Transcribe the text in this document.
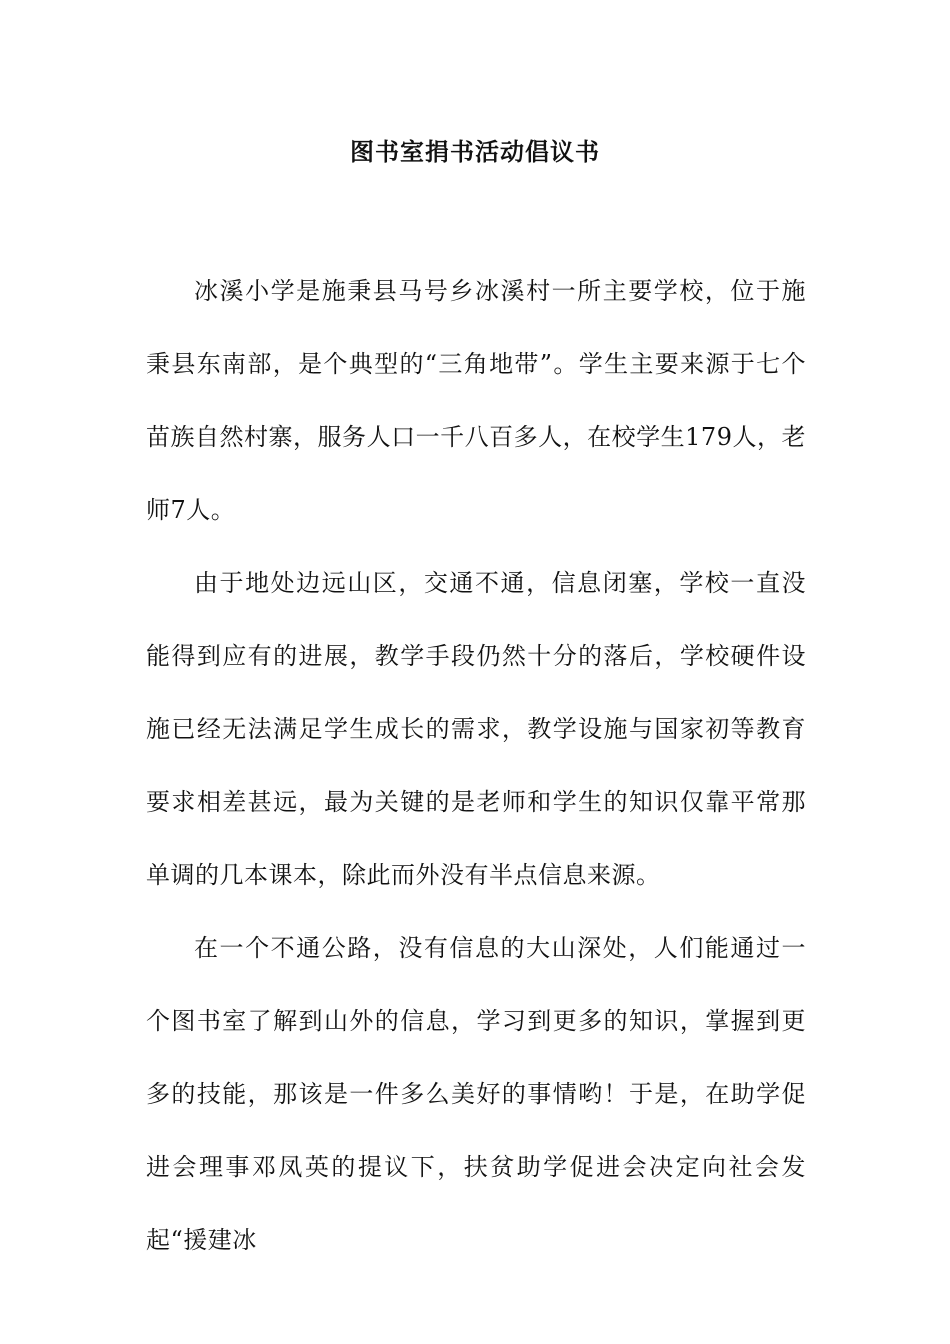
图书室捐书活动倡议书

冰溪小学是施秉县马号乡冰溪村一所主要学校，位于施秉县东南部，是个典型的“三角地带”。学生主要来源于七个苗族自然村寨，服务人口一千八百多人，在校学生179人，老师7人。

由于地处边远山区，交通不通，信息闭塞，学校一直没能得到应有的进展，教学手段仍然十分的落后，学校硬件设施已经无法满足学生成长的需求，教学设施与国家初等教育要求相差甚远，最为关键的是老师和学生的知识仅靠平常那单调的几本课本，除此而外没有半点信息来源。

在一个不通公路，没有信息的大山深处，人们能通过一个图书室了解到山外的信息，学习到更多的知识，掌握到更多的技能，那该是一件多么美好的事情哟！于是，在助学促进会理事邓凤英的提议下，扶贫助学促进会决定向社会发起“援建冰
